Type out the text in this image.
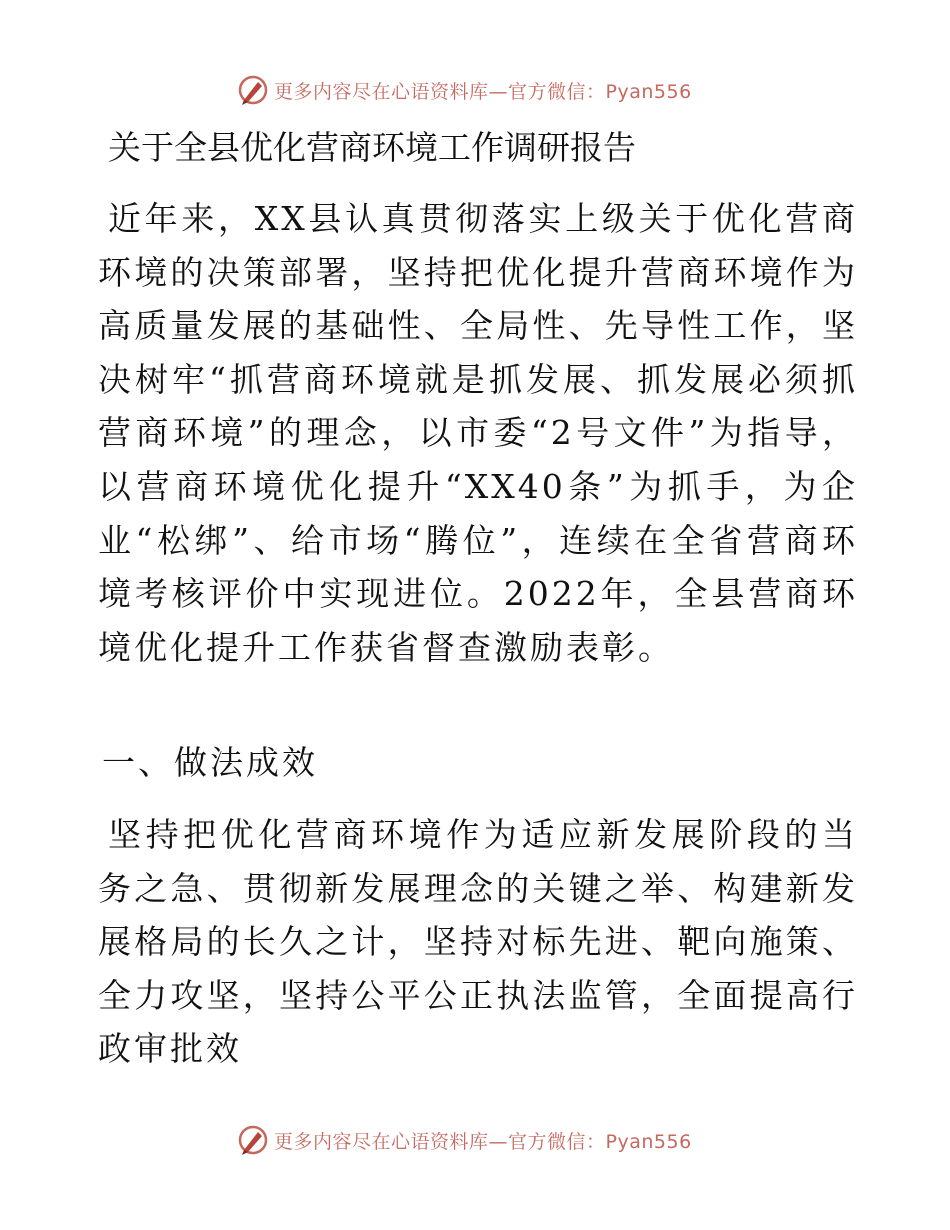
更多内容尽在心语资料库—官方微信：Pyan556
关于全县优化营商环境工作调研报告

近年来，XX县认真贯彻落实上级关于优化营商环境的决策部署，坚持把优化提升营商环境作为高质量发展的基础性、全局性、先导性工作，坚决树牢“抓营商环境就是抓发展、抓发展必须抓营商环境”的理念，以市委“2号文件”为指导，以营商环境优化提升“XX40条”为抓手，为企业“松绑”、给市场“腾位”，连续在全省营商环境考核评价中实现进位。2022年，全县营商环境优化提升工作获省督查激励表彰。

一、做法成效

坚持把优化营商环境作为适应新发展阶段的当务之急、贯彻新发展理念的关键之举、构建新发展格局的长久之计，坚持对标先进、靶向施策、全力攻坚，坚持公平公正执法监管，全面提高行政审批效

更多内容尽在心语资料库—官方微信：Pyan556
